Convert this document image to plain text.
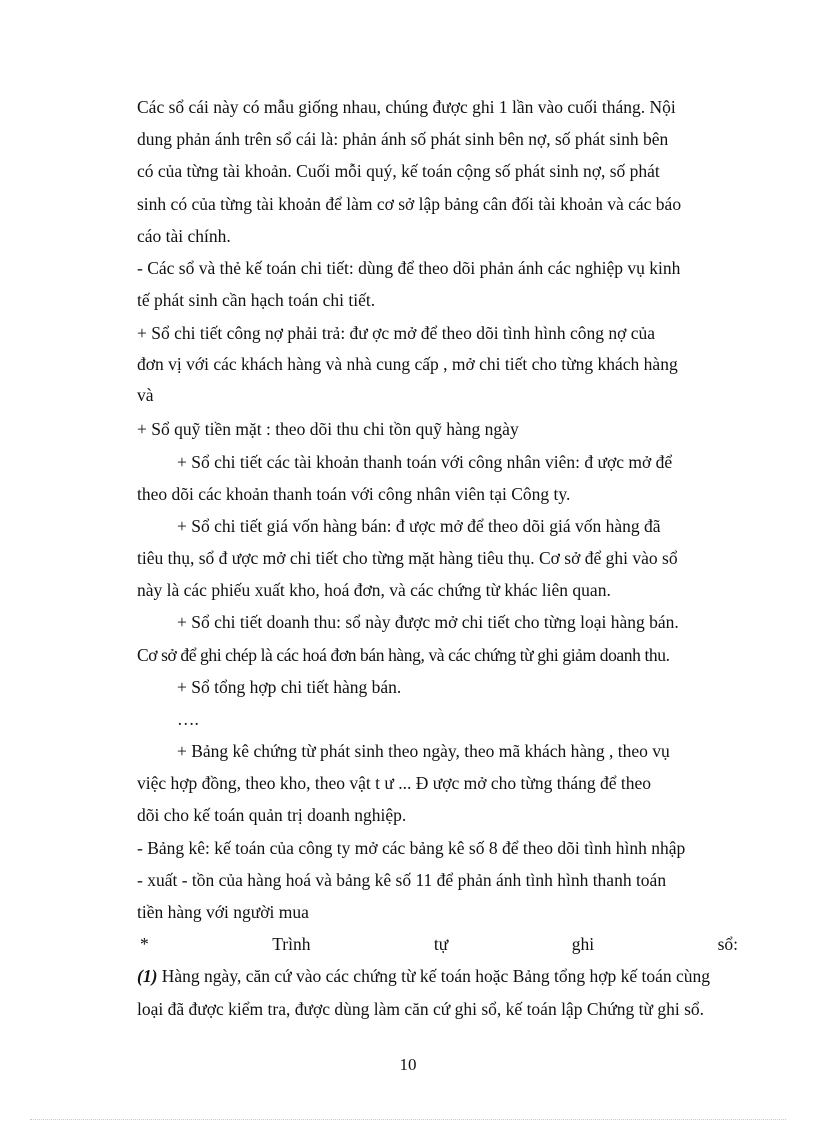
Các sổ cái này có mẫu giống nhau, chúng được ghi 1 lần vào cuối tháng. Nội
dung phản ánh trên sổ cái là: phản ánh số phát sinh bên nợ, số phát sinh bên
có của từng tài khoản. Cuối mỗi quý, kế toán cộng số phát sinh nợ, số phát
sinh có của từng tài khoản để làm cơ sở lập bảng cân đối tài khoản và các báo
cáo tài chính.
- Các sổ và thẻ kế toán chi tiết: dùng để theo dõi phản ánh các nghiệp vụ kinh
tế phát sinh cần hạch toán chi tiết.
+ Sổ chi tiết công nợ phải trả: đư ợc mở để theo dõi tình hình công nợ của
đơn vị với các khách hàng và nhà cung cấp , mở chi tiết cho từng khách hàng
và
+ Sổ quỹ tiền mặt : theo dõi thu chi tồn quỹ hàng ngày
+ Sổ chi tiết các tài khoản thanh toán với công nhân viên: đ ược mở để
theo dõi các khoản thanh toán với công nhân viên tại Công ty.
+ Sổ chi tiết giá vốn hàng bán: đ ược mở để theo dõi giá vốn hàng đã
tiêu thụ, sổ đ ược mở chi tiết cho từng mặt hàng tiêu thụ. Cơ sở để ghi vào sổ
này là các phiếu xuất kho, hoá đơn, và các chứng từ khác liên quan.
+ Sổ chi tiết doanh thu: sổ này được mở chi tiết cho từng loại hàng bán.
Cơ sở để ghi chép là các hoá đơn bán hàng, và các chứng từ ghi giảm doanh thu.
+ Sổ tổng hợp chi tiết hàng bán.
….
+ Bảng kê chứng từ phát sinh theo ngày, theo mã khách hàng , theo vụ
việc hợp đồng, theo kho, theo vật t ư ... Đ ược mở cho từng tháng để theo
dõi cho kế toán quản trị doanh nghiệp.
- Bảng kê: kế toán của công ty mở các bảng kê số 8 để theo dõi tình hình nhập
- xuất - tồn của hàng hoá và bảng kê số 11 để phản ánh tình hình thanh toán
tiền hàng với người mua
*	Trình	tự	ghi	sổ:
(1) Hàng ngày, căn cứ vào các chứng từ kế toán hoặc Bảng tổng hợp kế toán cùng
loại đã được kiểm tra, được dùng làm căn cứ ghi sổ, kế toán lập Chứng từ ghi sổ.
10
